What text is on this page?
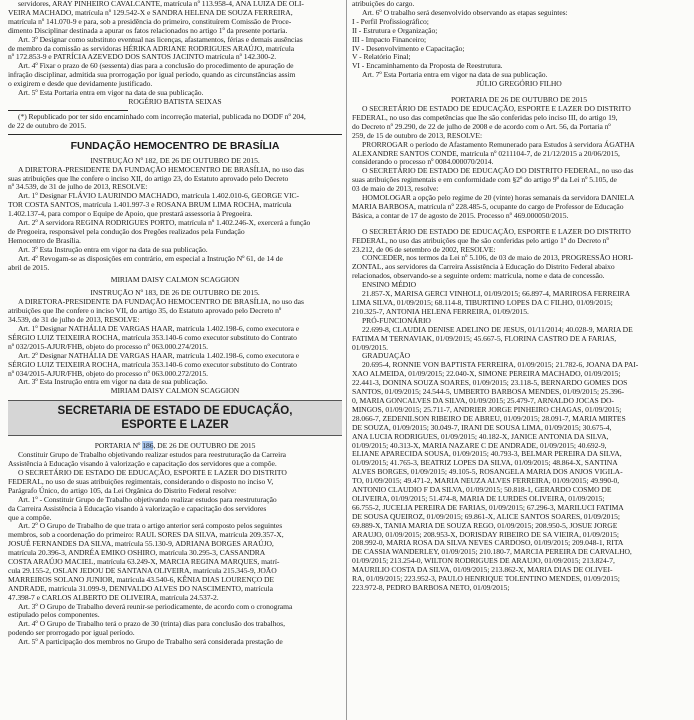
servidores, ARAY PINHEIRO CAVALCANTE, matrícula nº 113.958-4, ANA LUIZA DE OLI-

VEIRA MACHADO, matrícula nº 129.542-X e SANDRA HELENA DE SOUZA FERREIRA,

matrícula nº 141.070-9 e para, sob a presidência do primeiro, constituírem Comissão de Proce-

dimento Disciplinar destinada a apurar os fatos relacionados no artigo 1º da presente portaria.

Art. 3º Designar como substituto eventual nas licenças, afastamentos, férias e demais ausências

de membro da comissão as servidoras HÉRIKA ADRIANE RODRIGUES ARAÚJO, matrícula

nº 172.853-9 e PATRÍCIA AZEVEDO DOS SANTOS JACINTO matrícula nº 142.300-2.

Art. 4º Fixar o prazo de 60 (sessenta) dias para a conclusão do procedimento de apuração de

infração disciplinar, admitida sua prorrogação por igual período, quando as circunstâncias assim

o exigirem e desde que devidamente justificado.

Art. 5º Esta Portaria entra em vigor na data de sua publicação.

ROGÉRIO BATISTA SEIXAS

(*) Republicado por ter sido encaminhado com incorreção material, publicada no DODF nº 204,

de 22 de outubro de 2015.

FUNDAÇÃO HEMOCENTRO DE BRASÍLIA

INSTRUÇÃO Nº 182, DE 26 DE OUTUBRO DE 2015.

A DIRETORA-PRESIDENTE DA FUNDAÇÃO HEMOCENTRO DE BRASÍLIA, no uso das

suas atribuições que lhe confere o inciso XII, do artigo 23, do Estatuto aprovado pelo Decreto

nº 34.539, de 31 de julho de 2013, RESOLVE:

Art. 1º Designar FLÁVIO LAURINDO MACHADO, matrícula 1.402.010-6, GEORGE VIC-

TOR COSTA SANTOS, matrícula 1.401.997-3 e ROSANA BRUM LIMA ROCHA, matrícula

1.402.137-4, para compor o Equipe de Apoio, que prestará assessoria à Pregoeira.

Art. 2º A servidora REGINA RODRIGUES PORTO, matrícula nº 1.402.246-X, exercerá a função

de Pregoeira, responsável pela condução dos Pregões realizados pela Fundação

Hemocentro de Brasília.

Art. 3º Esta Instrução entra em vigor na data de sua publicação.

Art. 4º Revogam-se as disposições em contrário, em especial a Instrução Nº 61, de 14 de

abril de 2015.

MIRIAM DAISY CALMON SCAGGION

INSTRUÇÃO Nº 183, DE 26 DE OUTUBRO DE 2015.

A DIRETORA-PRESIDENTE DA FUNDAÇÃO HEMOCENTRO DE BRASÍLIA, no uso das

atribuições que lhe confere o inciso VII, do artigo 35, do Estatuto aprovado pelo Decreto nº

34.539, de 31 de julho de 2013, RESOLVE:

Art. 1º Designar NATHÁLIA DE VARGAS HAAR, matrícula 1.402.198-6, como executora e

SÉRGIO LUIZ TEIXEIRA ROCHA, matrícula 353.140-6 como executor substituto do Contrato

nº 032/2015-AJUR/FHB, objeto do processo nº 063.000.274/2015.

Art. 2º Designar NATHÁLIA DE VARGAS HAAR, matrícula 1.402.198-6, como executora e

SÉRGIO LUIZ TEIXEIRA ROCHA, matrícula 353.140-6 como executor substituto do Contrato

nº 034/2015-AJUR/FHB, objeto do processo nº 063.000.272/2015.

Art. 3º Esta Instrução entra em vigor na data de sua publicação.

MIRIAM DAISY CALMON SCAGGION

SECRETARIA DE ESTADO DE EDUCAÇÃO,
ESPORTE E LAZER

PORTARIA Nº 186, DE 26 DE OUTUBRO DE 2015

Constituir Grupo de Trabalho objetivando realizar estudos para reestruturação da Carreira

Assistência à Educação visando à valorização e capacitação dos servidores que a compõe.

O SECRETÁRIO DE ESTADO DE EDUCAÇÃO, ESPORTE E LAZER DO DISTRITO

FEDERAL, no uso de suas atribuições regimentais, considerando o disposto no inciso V,

Parágrafo Único, do artigo 105, da Lei Orgânica do Distrito Federal resolve:

Art. 1º - Constituir Grupo de Trabalho objetivando realizar estudos para reestruturação

da Carreira Assistência à Educação visando à valorização e capacitação dos servidores

que a compõe.

Art. 2º O Grupo de Trabalho de que trata o artigo anterior será composto pelos seguintes

membros, sob a coordenação do primeiro: RAUL SORES DA SILVA, matrícula 209.357-X,

JOSUÉ FERNANDES DA SILVA, matrícula 55.130-9, ADRIANA BORGES ARAÚJO,

matrícula 20.396-3, ANDRÉA EMIKO OSHIRO, matrícula 30.295-3, CASSANDRA

COSTA ARAÚJO MACIEL, matrícula 63.249-X, MARCIA REGINA MARQUES, matrí-

cula 29.155-2, OSLAN JEDOU DE SANTANA OLIVEIRA, matrícula 215.345-9, JOÃO

MARREIROS SOLANO JUNIOR, matrícula 43.540-6, KÊNIA DIAS LOURENÇO DE

ANDRADE, matrícula 31.099-9, DENIVALDO ALVES DO NASCIMENTO, matrícula

47.398-7 e CARLOS ALBERTO DE OLIVEIRA, matrícula 24.537-2.

Art. 3º O Grupo de Trabalho deverá reunir-se periodicamente, de acordo com o cronograma

estipulado pelos componentes.

Art. 4º O Grupo de Trabalho terá o prazo de 30 (trinta) dias para conclusão dos trabalhos,

podendo ser prorrogado por igual período.

Art. 5º A participação dos membros no Grupo de Trabalho será considerada prestação de

atribuições do cargo.

Art. 6º O trabalho será desenvolvido observando as etapas seguintes:

I - Perfil Profissiográfico;

II - Estrutura e Organização;

III - Impacto Financeiro;

IV - Desenvolvimento e Capacitação;

V - Relatório Final;

VI - Encaminhamento da Proposta de Reestrutura.

Art. 7º Esta Portaria entra em vigor na data de sua publicação.

JÚLIO GREGÓRIO FILHO

PORTARIA DE 26 DE OUTUBRO DE 2015

O SECRETÁRIO DE ESTADO DE EDUCAÇÃO, ESPORTE E LAZER DO DISTRITO

FEDERAL, no uso das competências que lhe são conferidas pelo inciso III, do artigo 19,

do Decreto nº 29.290, de 22 de julho de 2008 e de acordo com o Art. 56, da Portaria nº

259, de 15 de outubro de 2013, RESOLVE:

PRORROGAR o período de Afastamento Remunerado para Estudos à servidora ÁGATHA

ALEXANDRE SANTOS CONDE, matrícula nº 0211104-7, de 21/12/2015 a 20/06/2015,

considerando o processo nº 0084.000070/2014.

O SECRETÁRIO DE ESTADO DE EDUCAÇÃO DO DISTRITO FEDERAL, no uso das

suas atribuições regimentais e em conformidade com §2º do artigo 9º da Lei nº 5.105, de

03 de maio de 2013, resolve:

HOMOLOGAR a opção pelo regime de 20 (vinte) horas semanais da servidora DANIELA

MARIA BARBOSA, matrícula nº 228.485-5, ocupante do cargo de Professor de Educação

Básica, a contar de 17 de agosto de 2015. Processo nº 469.000050/2015.

O SECRETÁRIO DE ESTADO DE EDUCAÇÃO, ESPORTE E LAZER DO DISTRITO

FEDERAL, no uso das atribuições que lhe são conferidas pelo artigo 1º do Decreto nº

23.212, de 06 de setembro de 2002, RESOLVE:

CONCEDER, nos termos da Lei nº 5.106, de 03 de maio de 2013, PROGRESSÃO HORI-

ZONTAL, aos servidores da Carreira Assistência à Educação do Distrito Federal abaixo

relacionados, observando-se a seguinte ordem: matrícula, nome e data de concessão.

ENSINO MÉDIO

21.857-X, MARISA GERCI VINHOLI, 01/09/2015; 66.897-4, MARIROSA FERREIRA

LIMA SILVA, 01/09/2015; 68.114-8, TIBURTINO LOPES DA C FILHO, 01/09/2015;

210.325-7, ANTONIA HELENA FERREIRA, 01/09/2015.

PRÓ-FUNCIONÁRIO

22.699-8, CLAUDIA DENISE ADELINO DE JESUS, 01/11/2014; 40.028-9, MARIA DE

FATIMA M TERNAVIAK, 01/09/2015; 45.667-5, FLORINA CASTRO DE A FARIAS,

01/09/2015.

GRADUAÇÃO

20.695-4, RONNIE VON BAPTISTA FERREIRA, 01/09/2015; 21.782-6, JOANA DA PAI-

XAO ALMEIDA, 01/09/2015; 22.040-X, SIMONE PEREIRA MACHADO, 01/09/2015;

22.441-3, DONINA SOUZA SOARES, 01/09/2015; 23.118-5, BERNARDO GOMES DOS

SANTOS, 01/09/2015; 24.544-5, UMBERTO BARBOSA MENDES, 01/09/2015; 25.396-

0, MARIA GONCALVES DA SILVA, 01/09/2015; 25.479-7, ARNALDO JOCAS DO-

MINGOS, 01/09/2015; 25.711-7, ANDRIER JORGE PINHEIRO CHAGAS, 01/09/2015;

28.066-7, ZEDENILSON RIBEIRO DE ABREU, 01/09/2015; 28.091-7, MARIA MIRTES

DE SOUZA, 01/09/2015; 30.049-7, IRANI DE SOUSA LIMA, 01/09/2015; 30.675-4,

ANA LUCIA RODRIGUES, 01/09/2015; 40.182-X, JANICE ANTONIA DA SILVA,

01/09/2015; 40.313-X, MARIA NAZARE C DE ANDRADE, 01/09/2015; 40.692-9,

ELIANE APARECIDA SOUSA, 01/09/2015; 40.793-3, BELMAR PEREIRA DA SILVA,

01/09/2015; 41.765-3, BEATRIZ LOPES DA SILVA, 01/09/2015; 48.864-X, SANTINA

ALVES BORGES, 01/09/2015; 49.105-5, ROSANGELA MARIA DOS ANJOS VIGILA-

TO, 01/09/2015; 49.471-2, MARIA NEUZA ALVES FERREIRA, 01/09/2015; 49.990-0,

ANTONIO CLAUDIO F DA SILVA, 01/09/2015; 50.818-1, GERARDO COSMO DE

OLIVEIRA, 01/09/2015; 51.474-8, MARIA DE LURDES OLIVEIRA, 01/09/2015;

66.755-2, JUCELIA PEREIRA DE FARIAS, 01/09/2015; 67.296-3, MARILUCI FATIMA

DE SOUSA QUEIROZ, 01/09/2015; 69.861-X, ALICE SANTOS SOARES, 01/09/2015;

69.889-X, TANIA MARIA DE SOUZA REGO, 01/09/2015; 208.950-5, JOSUE JORGE

ARAUJO, 01/09/2015; 208.953-X, DORISDAY RIBEIRO DE SA VIEIRA, 01/09/2015;

208.992-0, MARIA ROSA DA SILVA NEVES CARDOSO, 01/09/2015; 209.048-1, RITA

DE CASSIA WANDERLEY, 01/09/2015; 210.180-7, MARCIA PEREIRA DE CARVALHO,

01/09/2015; 213.254-0, WILTON RODRIGUES DE ARAUJO, 01/09/2015; 213.824-7,

MAURILIO COSTA DA SILVA, 01/09/2015; 213.862-X, MARIA DIAS DE OLIVEI-

RA, 01/09/2015; 223.952-3, PAULO HENRIQUE TOLENTINO MENDES, 01/09/2015;

223.972-8, PEDRO BARBOSA NETO, 01/09/2015;
